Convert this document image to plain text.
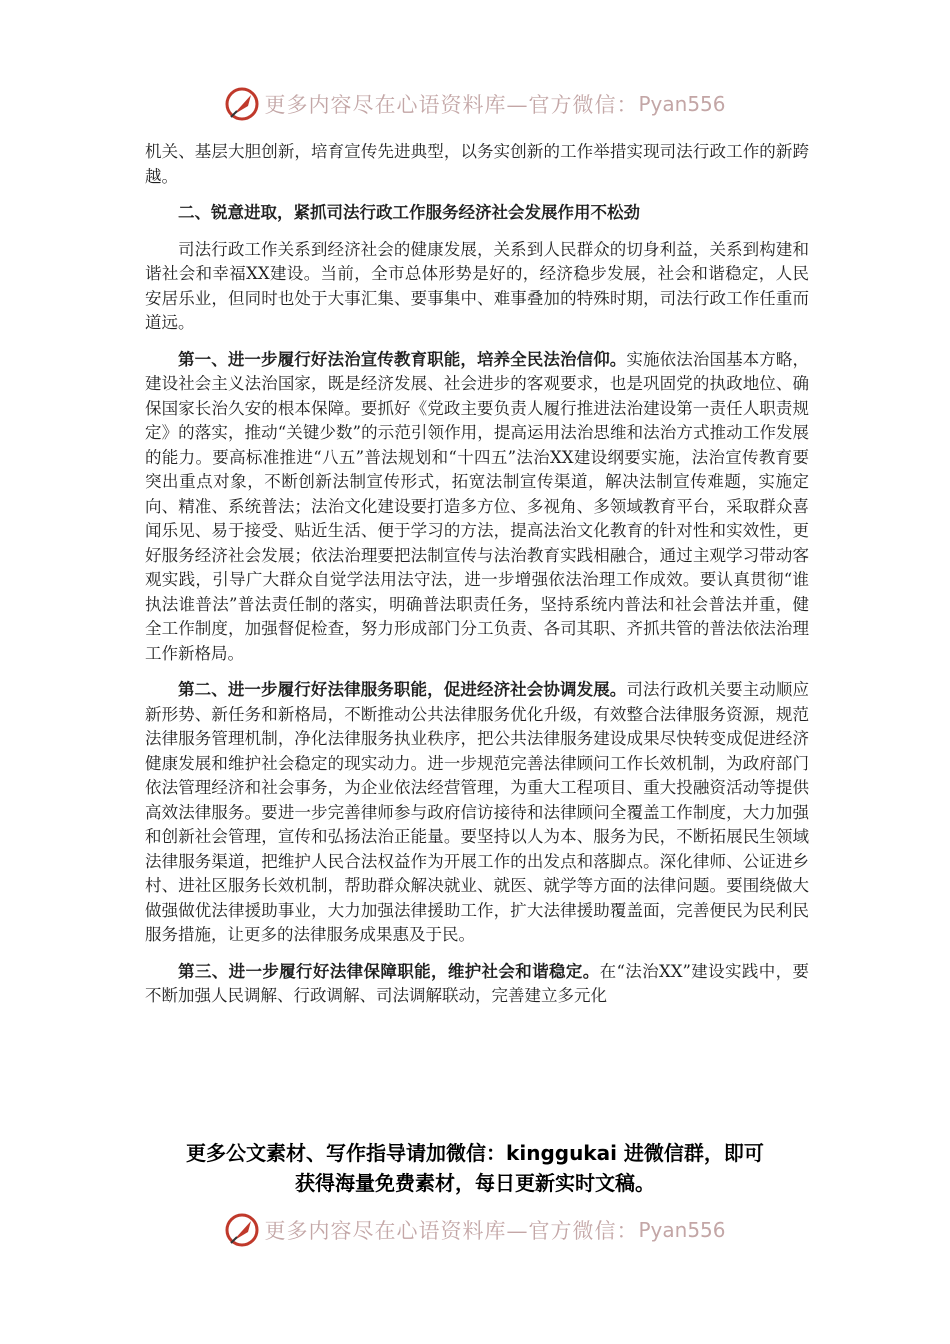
更多内容尽在心语资料库—官方微信： Pyan556

机关、基层大胆创新，培育宣传先进典型，以务实创新的工作举措实现司法行政工作的新跨越。

二、锐意进取，紧抓司法行政工作服务经济社会发展作用不松劲

司法行政工作关系到经济社会的健康发展，关系到人民群众的切身利益，关系到构建和谐社会和幸福XX建设。当前，全市总体形势是好的，经济稳步发展，社会和谐稳定，人民安居乐业，但同时也处于大事汇集、要事集中、难事叠加的特殊时期，司法行政工作任重而道远。

第一、进一步履行好法治宣传教育职能，培养全民法治信仰。实施依法治国基本方略，建设社会主义法治国家，既是经济发展、社会进步的客观要求，也是巩固党的执政地位、确保国家长治久安的根本保障。要抓好《党政主要负责人履行推进法治建设第一责任人职责规定》的落实，推动“关键少数”的示范引领作用，提高运用法治思维和法治方式推动工作发展的能力。要高标准推进“八五”普法规划和“十四五”法治XX建设纲要实施，法治宣传教育要突出重点对象，不断创新法制宣传形式，拓宽法制宣传渠道，解决法制宣传难题，实施定向、精准、系统普法；法治文化建设要打造多方位、多视角、多领域教育平台，采取群众喜闻乐见、易于接受、贴近生活、便于学习的方法，提高法治文化教育的针对性和实效性，更好服务经济社会发展；依法治理要把法制宣传与法治教育实践相融合，通过主观学习带动客观实践，引导广大群众自觉学法用法守法，进一步增强依法治理工作成效。要认真贯彻“谁执法谁普法”普法责任制的落实，明确普法职责任务，坚持系统内普法和社会普法并重，健全工作制度，加强督促检查，努力形成部门分工负责、各司其职、齐抓共管的普法依法治理工作新格局。

第二、进一步履行好法律服务职能，促进经济社会协调发展。司法行政机关要主动顺应新形势、新任务和新格局，不断推动公共法律服务优化升级，有效整合法律服务资源，规范法律服务管理机制，净化法律服务执业秩序，把公共法律服务建设成果尽快转变成促进经济健康发展和维护社会稳定的现实动力。进一步规范完善法律顾问工作长效机制，为政府部门依法管理经济和社会事务，为企业依法经营管理，为重大工程项目、重大投融资活动等提供高效法律服务。要进一步完善律师参与政府信访接待和法律顾问全覆盖工作制度，大力加强和创新社会管理，宣传和弘扬法治正能量。要坚持以人为本、服务为民，不断拓展民生领域法律服务渠道，把维护人民合法权益作为开展工作的出发点和落脚点。深化律师、公证进乡村、进社区服务长效机制，帮助群众解决就业、就医、就学等方面的法律问题。要围绕做大做强做优法律援助事业，大力加强法律援助工作，扩大法律援助覆盖面，完善便民为民利民服务措施，让更多的法律服务成果惠及于民。

第三、进一步履行好法律保障职能，维护社会和谐稳定。在“法治XX”建设实践中，要不断加强人民调解、行政调解、司法调解联动，完善建立多元化

更多公文素材、写作指导请加微信：kinggukai 进微信群，即可
获得海量免费素材，每日更新实时文稿。
更多内容尽在心语资料库—官方微信： Pyan556
